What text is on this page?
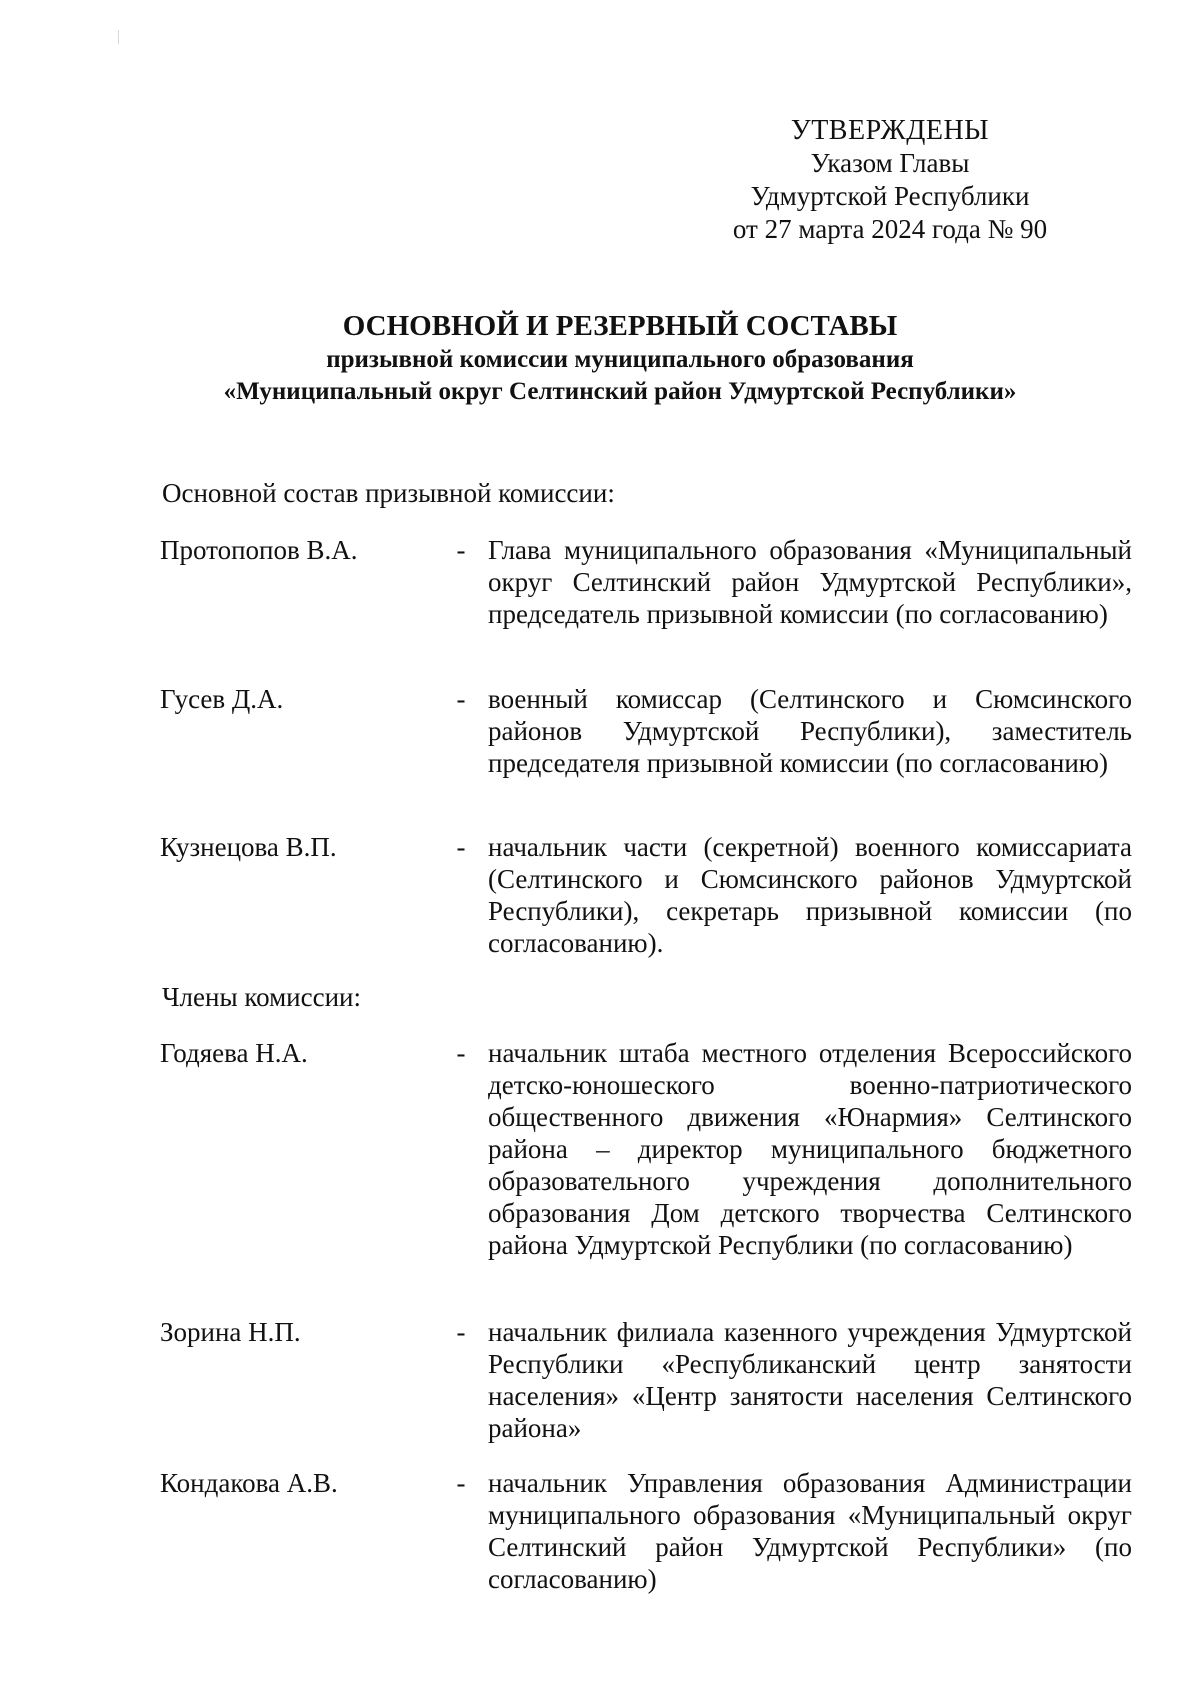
УТВЕРЖДЕНЫ
Указом Главы
Удмуртской Республики
от 27 марта 2024 года № 90
ОСНОВНОЙ И РЕЗЕРВНЫЙ СОСТАВЫ
призывной комиссии муниципального образования
«Муниципальный округ Селтинский район Удмуртской Республики»
Основной состав призывной комиссии:
Протопопов В.А.	- Глава муниципального образования «Муниципальный округ Селтинский район Удмуртской Республики», председатель призывной комиссии (по согласованию)
Гусев Д.А.	- военный комиссар (Селтинского и Сюмсинского районов Удмуртской Республики), заместитель председателя призывной комиссии (по согласованию)
Кузнецова В.П.	- начальник части (секретной) военного комиссариата (Селтинского и Сюмсинского районов Удмуртской Республики), секретарь призывной комиссии (по согласованию).
Члены комиссии:
Годяева Н.А.	- начальник штаба местного отделения Всероссийского детско-юношеского военно-патриотического общественного движения «Юнармия» Селтинского района – директор муниципального бюджетного образовательного учреждения дополнительного образования Дом детского творчества Селтинского района Удмуртской Республики (по согласованию)
Зорина Н.П.	- начальник филиала казенного учреждения Удмуртской Республики «Республиканский центр занятости населения» «Центр занятости населения Селтинского района»
Кондакова А.В.	- начальник Управления образования Администрации муниципального образования «Муниципальный округ Селтинский район Удмуртской Республики» (по согласованию)
